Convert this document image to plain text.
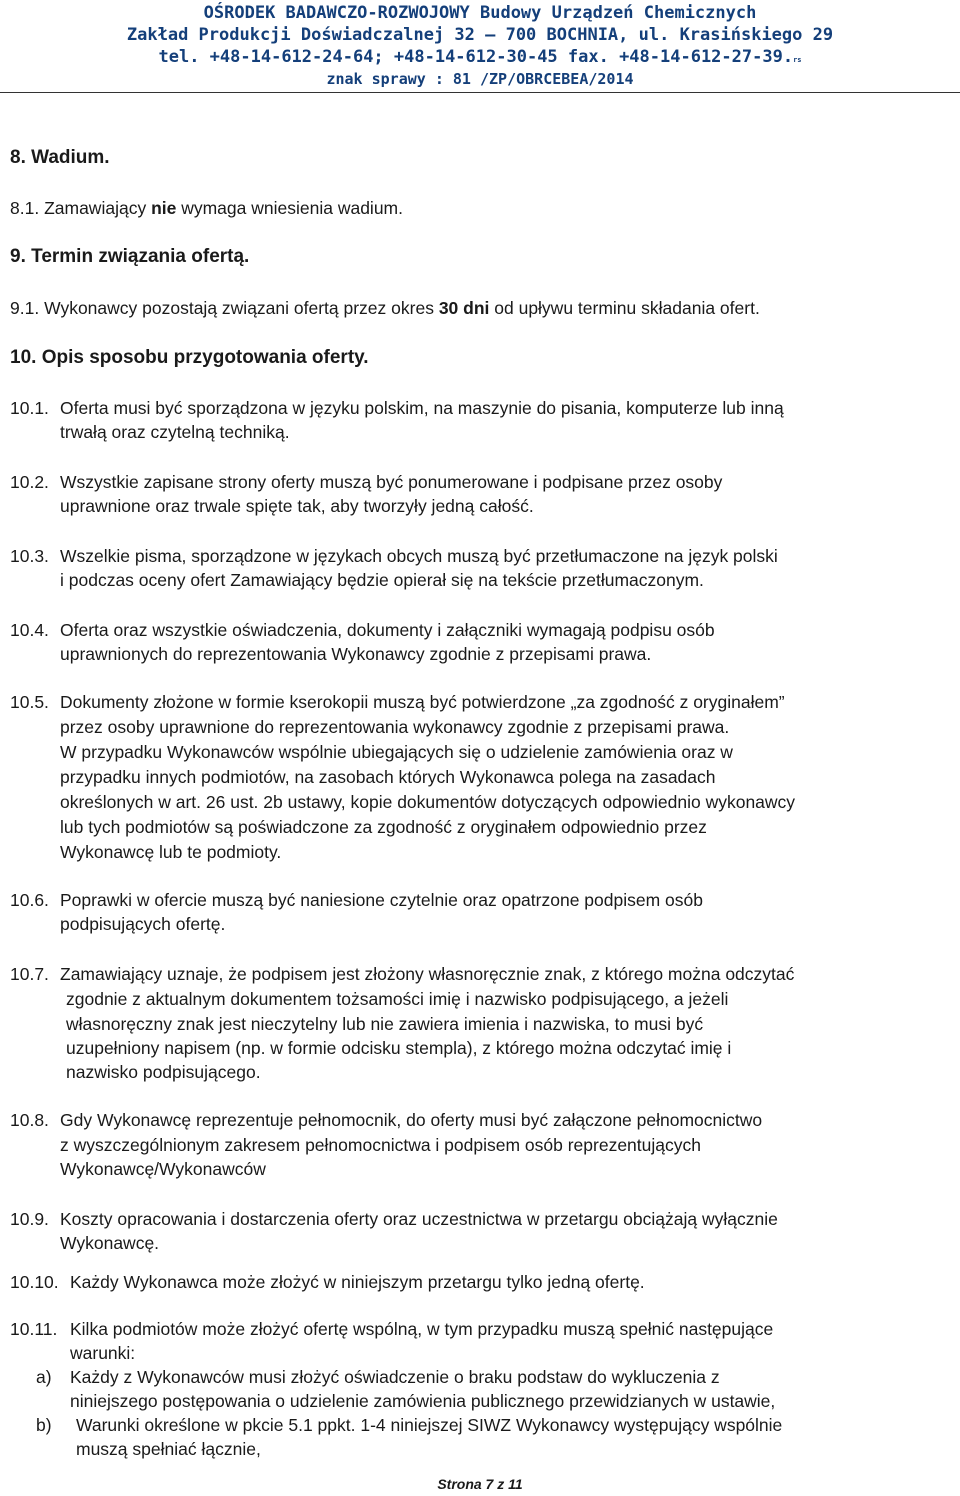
OŚRODEK BADAWCZO-ROZWOJOWY Budowy Urządzeń Chemicznych
Zakład Produkcji Doświadczalnej 32 – 700 BOCHNIA, ul. Krasińskiego 29
tel. +48-14-612-24-64; +48-14-612-30-45 fax. +48-14-612-27-39.rs
znak sprawy : 81 /ZP/OBRCEBEA/2014
8. Wadium.
8.1. Zamawiający nie wymaga wniesienia wadium.
9. Termin związania ofertą.
9.1. Wykonawcy pozostają związani ofertą przez okres 30 dni od upływu terminu składania ofert.
10. Opis sposobu przygotowania oferty.
10.1. Oferta musi być sporządzona w języku polskim, na maszynie do pisania, komputerze lub inną
trwałą oraz czytelną techniką.
10.2. Wszystkie zapisane strony oferty muszą być ponumerowane i podpisane przez osoby
uprawnione oraz trwale spięte tak, aby tworzyły jedną całość.
10.3. Wszelkie pisma, sporządzone w językach obcych muszą być przetłumaczone na język polski
i podczas oceny ofert Zamawiający będzie opierał się na tekście przetłumaczonym.
10.4. Oferta oraz wszystkie oświadczenia, dokumenty i załączniki wymagają podpisu osób
uprawnionych do reprezentowania Wykonawcy zgodnie z przepisami prawa.
10.5. Dokumenty złożone w formie kserokopii muszą być potwierdzone „za zgodność z oryginałem”
przez osoby uprawnione do reprezentowania wykonawcy zgodnie z przepisami prawa.
W przypadku Wykonawców wspólnie ubiegających się o udzielenie zamówienia oraz w
przypadku innych podmiotów, na zasobach których Wykonawca polega na zasadach
określonych w art. 26 ust. 2b ustawy, kopie dokumentów dotyczących odpowiednio wykonawcy
lub tych podmiotów są poświadczone za zgodność z oryginałem odpowiednio przez
Wykonawcę lub te podmioty.
10.6. Poprawki w ofercie muszą być naniesione czytelnie oraz opatrzone podpisem osób
podpisujących ofertę.
10.7. Zamawiający uznaje, że podpisem jest złożony własnoręcznie znak, z którego można odczytać
zgodnie z aktualnym dokumentem tożsamości imię i nazwisko podpisującego, a jeżeli
własnoręczny znak jest nieczytelny lub nie zawiera imienia i nazwiska, to musi być
uzupełniony napisem (np. w formie odcisku stempla), z którego można odczytać imię i
nazwisko podpisującego.
10.8. Gdy Wykonawcę reprezentuje pełnomocnik, do oferty musi być załączone pełnomocnictwo
z wyszczególnionym zakresem pełnomocnictwa i podpisem osób reprezentujących
Wykonawcę/Wykonawców
10.9. Koszty opracowania i dostarczenia oferty oraz uczestnictwa w przetargu obciążają wyłącznie
Wykonawcę.
10.10. Każdy Wykonawca może złożyć w niniejszym przetargu tylko jedną ofertę.
10.11. Kilka podmiotów może złożyć ofertę wspólną, w tym przypadku muszą spełnić następujące
warunki:
a) Każdy z Wykonawców musi złożyć oświadczenie o braku podstaw do wykluczenia z
niniejszego postępowania o udzielenie zamówienia publicznego przewidzianych w ustawie,
b) Warunki określone w pkcie 5.1 ppkt. 1-4 niniejszej SIWZ Wykonawcy występujący wspólnie
muszą spełniać łącznie,
Strona 7 z 11
